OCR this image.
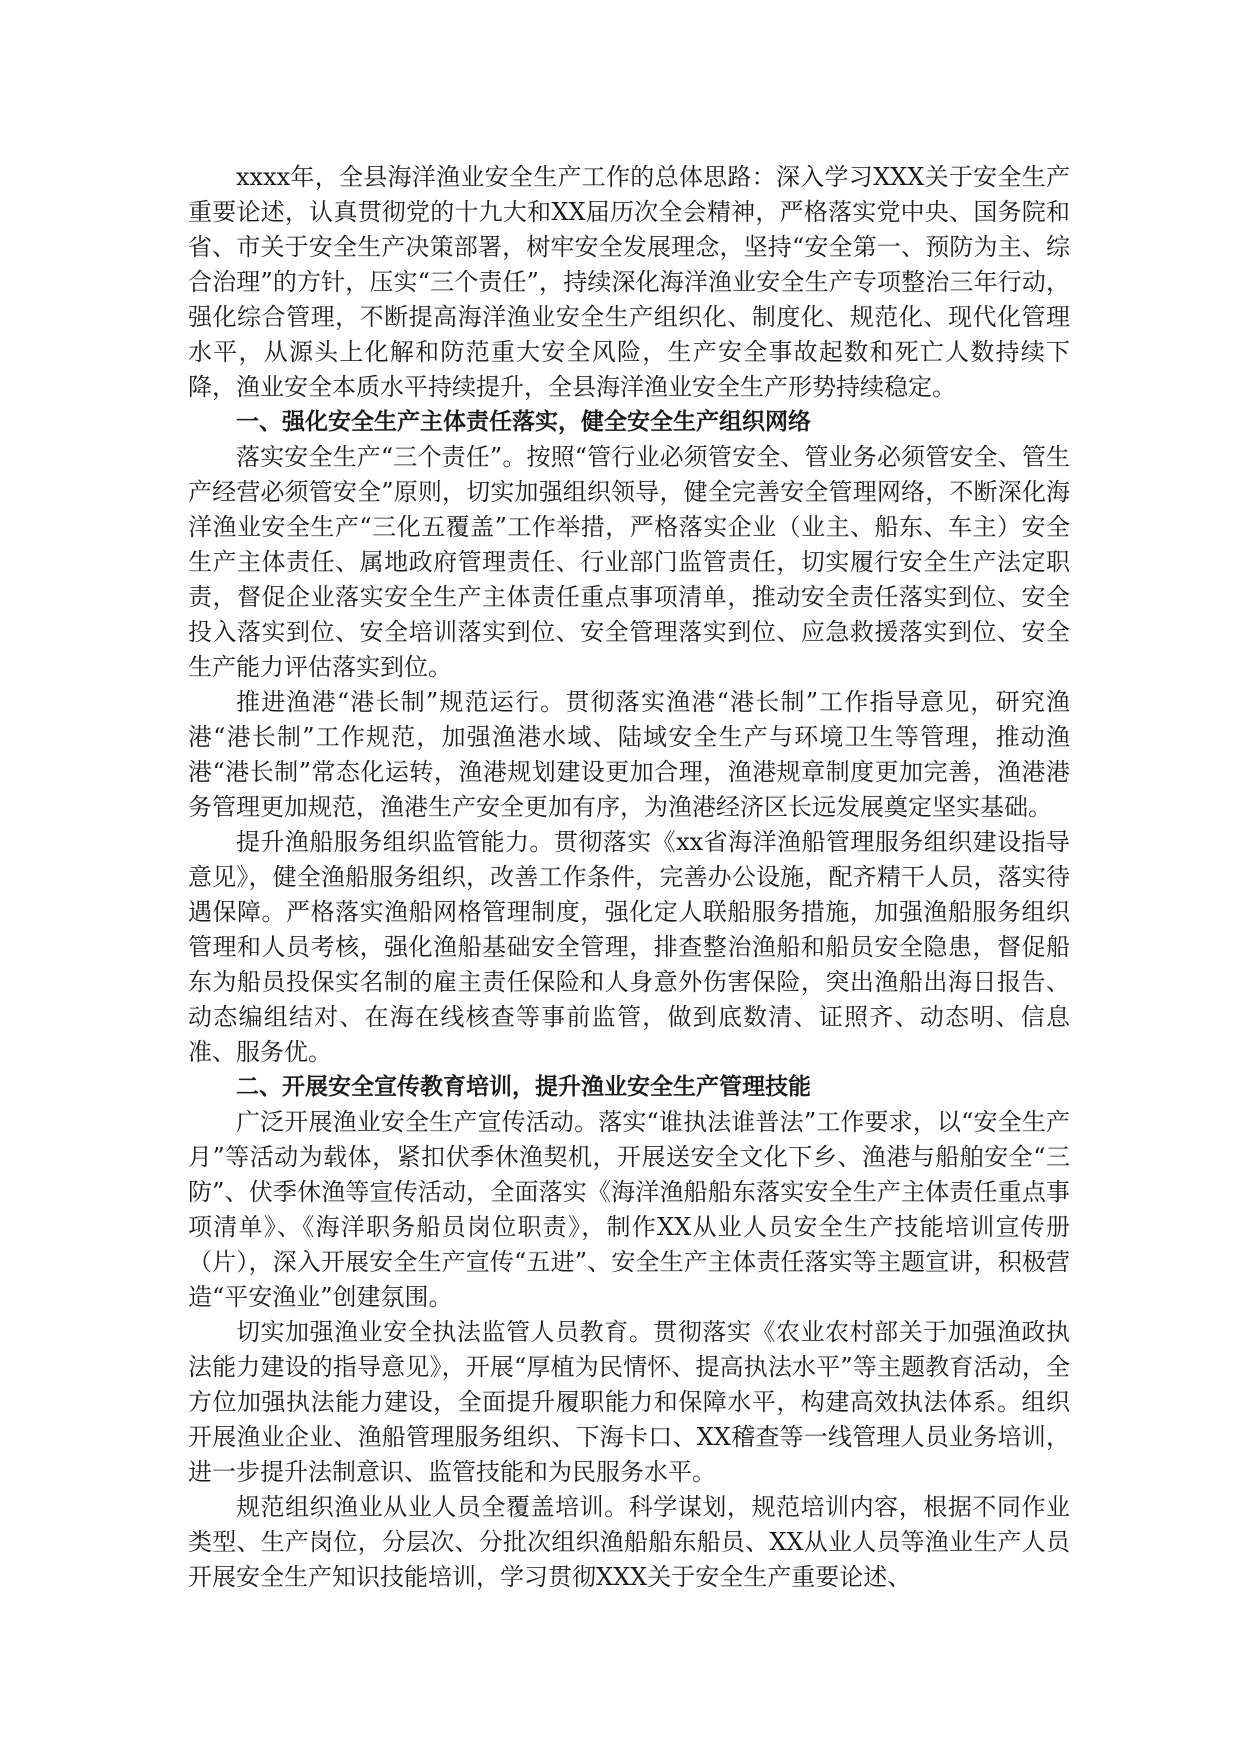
xxxx年，全县海洋渔业安全生产工作的总体思路：深入学习XXX关于安全生产重要论述，认真贯彻党的十九大和XX届历次全会精神，严格落实党中央、国务院和省、市关于安全生产决策部署，树牢安全发展理念，坚持“安全第一、预防为主、综合治理”的方针，压实“三个责任”，持续深化海洋渔业安全生产专项整治三年行动，强化综合管理，不断提高海洋渔业安全生产组织化、制度化、规范化、现代化管理水平，从源头上化解和防范重大安全风险，生产安全事故起数和死亡人数持续下降，渔业安全本质水平持续提升，全县海洋渔业安全生产形势持续稳定。

一、强化安全生产主体责任落实，健全安全生产组织网络

落实安全生产“三个责任”。按照“管行业必须管安全、管业务必须管安全、管生产经营必须管安全”原则，切实加强组织领导，健全完善安全管理网络，不断深化海洋渔业安全生产“三化五覆盖”工作举措，严格落实企业（业主、船东、车主）安全生产主体责任、属地政府管理责任、行业部门监管责任，切实履行安全生产法定职责，督促企业落实安全生产主体责任重点事项清单，推动安全责任落实到位、安全投入落实到位、安全培训落实到位、安全管理落实到位、应急救援落实到位、安全生产能力评估落实到位。

推进渔港“港长制”规范运行。贯彻落实渔港“港长制”工作指导意见，研究渔港“港长制”工作规范，加强渔港水域、陆域安全生产与环境卫生等管理，推动渔港“港长制”常态化运转，渔港规划建设更加合理，渔港规章制度更加完善，渔港港务管理更加规范，渔港生产安全更加有序，为渔港经济区长远发展奠定坚实基础。

提升渔船服务组织监管能力。贯彻落实《xx省海洋渔船管理服务组织建设指导意见》，健全渔船服务组织，改善工作条件，完善办公设施，配齐精干人员，落实待遇保障。严格落实渔船网格管理制度，强化定人联船服务措施，加强渔船服务组织管理和人员考核，强化渔船基础安全管理，排查整治渔船和船员安全隐患，督促船东为船员投保实名制的雇主责任保险和人身意外伤害保险，突出渔船出海日报告、动态编组结对、在海在线核查等事前监管，做到底数清、证照齐、动态明、信息准、服务优。

二、开展安全宣传教育培训，提升渔业安全生产管理技能

广泛开展渔业安全生产宣传活动。落实“谁执法谁普法”工作要求，以“安全生产月”等活动为载体，紧扣伏季休渔契机，开展送安全文化下乡、渔港与船舶安全“三防”、伏季休渔等宣传活动，全面落实《海洋渔船船东落实安全生产主体责任重点事项清单》、《海洋职务船员岗位职责》，制作XX从业人员安全生产技能培训宣传册（片），深入开展安全生产宣传“五进”、安全生产主体责任落实等主题宣讲，积极营造“平安渔业”创建氛围。

切实加强渔业安全执法监管人员教育。贯彻落实《农业农村部关于加强渔政执法能力建设的指导意见》，开展“厚植为民情怀、提高执法水平”等主题教育活动，全方位加强执法能力建设，全面提升履职能力和保障水平，构建高效执法体系。组织开展渔业企业、渔船管理服务组织、下海卡口、XX稽查等一线管理人员业务培训，进一步提升法制意识、监管技能和为民服务水平。

规范组织渔业从业人员全覆盖培训。科学谋划，规范培训内容，根据不同作业类型、生产岗位，分层次、分批次组织渔船船东船员、XX从业人员等渔业生产人员开展安全生产知识技能培训，学习贯彻XXX关于安全生产重要论述、
